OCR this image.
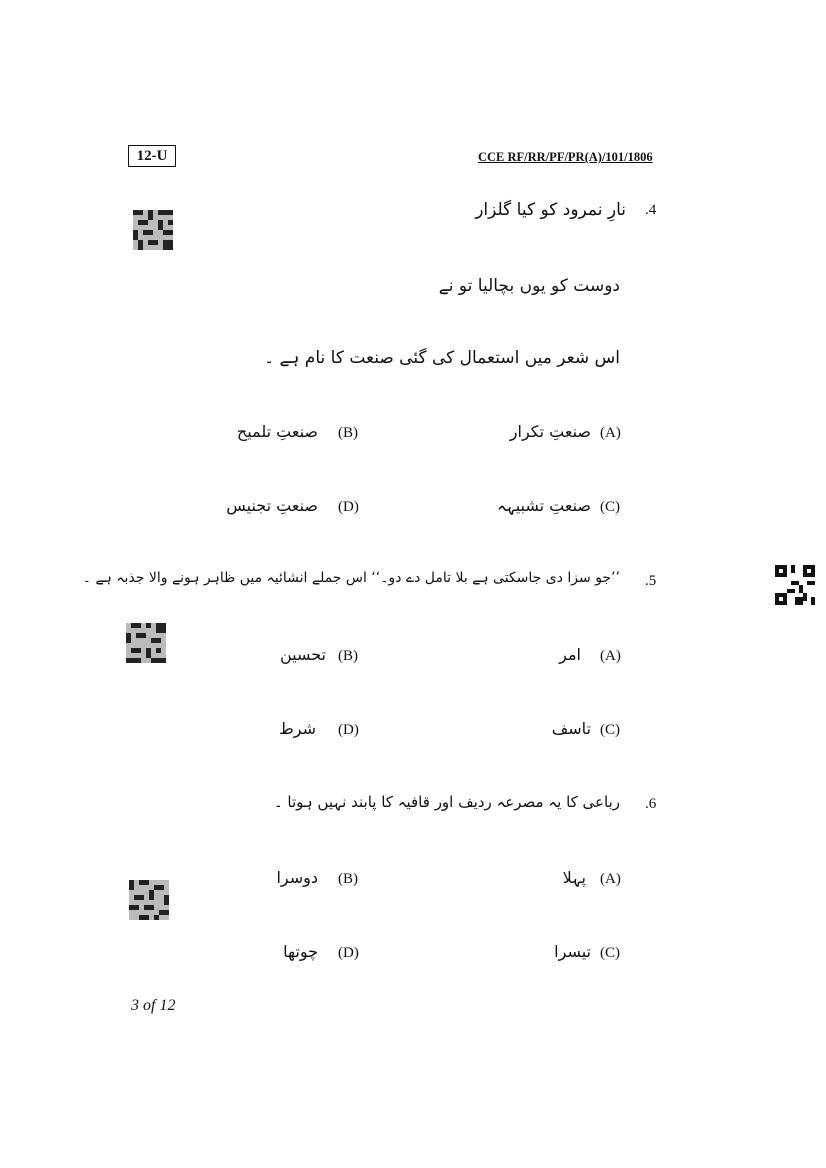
12-U	CCE RF/RR/PF/PR(A)/101/1806
.4
نارِ نمرود کو کیا گلزار
دوست کو یوں بچالیا تو نے
اس شعر میں استعمال کی گئی صنعت کا نام ہے ۔
(A)
صنعتِ تکرار
(B)
صنعتِ تلمیح
(C)
صنعتِ تشبیہہ
(D)
صنعتِ تجنیس
.5
’’جو سزا دی جاسکتی ہے بلا تامل دے دو۔‘‘ اس جملے انشائیہ میں ظاہر ہونے والا جذبہ ہے ۔
(A)
امر
(B)
تحسین
(C)
تاسف
(D)
شرط
.6
رباعی کا یہ مصرعہ ردیف اور قافیہ کا پابند نہیں ہوتا ۔
(A)
پہلا
(B)
دوسرا
(C)
تیسرا
(D)
چوتھا
3 of 12
